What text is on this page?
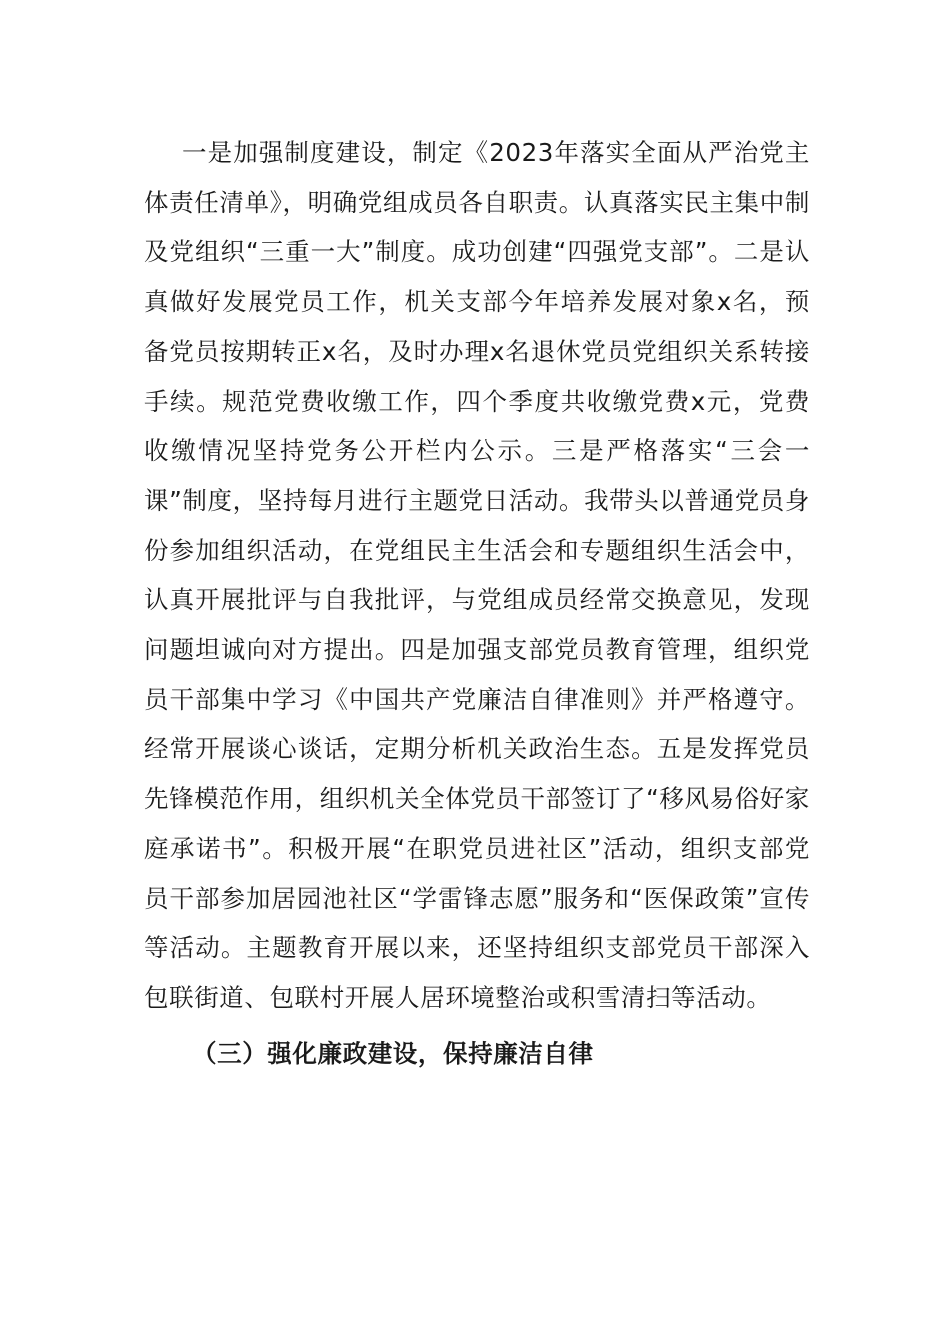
一是加强制度建设，制定《2023年落实全面从严治党主体责任清单》，明确党组成员各自职责。认真落实民主集中制及党组织“三重一大”制度。成功创建“四强党支部”。二是认真做好发展党员工作，机关支部今年培养发展对象x名，预备党员按期转正x名，及时办理x名退休党员党组织关系转接手续。规范党费收缴工作，四个季度共收缴党费x元，党费收缴情况坚持党务公开栏内公示。三是严格落实“三会一课”制度，坚持每月进行主题党日活动。我带头以普通党员身份参加组织活动，在党组民主生活会和专题组织生活会中，认真开展批评与自我批评，与党组成员经常交换意见，发现问题坦诚向对方提出。四是加强支部党员教育管理，组织党员干部集中学习《中国共产党廉洁自律准则》并严格遵守。经常开展谈心谈话，定期分析机关政治生态。五是发挥党员先锋模范作用，组织机关全体党员干部签订了“移风易俗好家庭承诺书”。积极开展“在职党员进社区”活动，组织支部党员干部参加居园池社区“学雷锋志愿”服务和“医保政策”宣传等活动。主题教育开展以来，还坚持组织支部党员干部深入包联街道、包联村开展人居环境整治或积雪清扫等活动。

（三）强化廉政建设，保持廉洁自律
